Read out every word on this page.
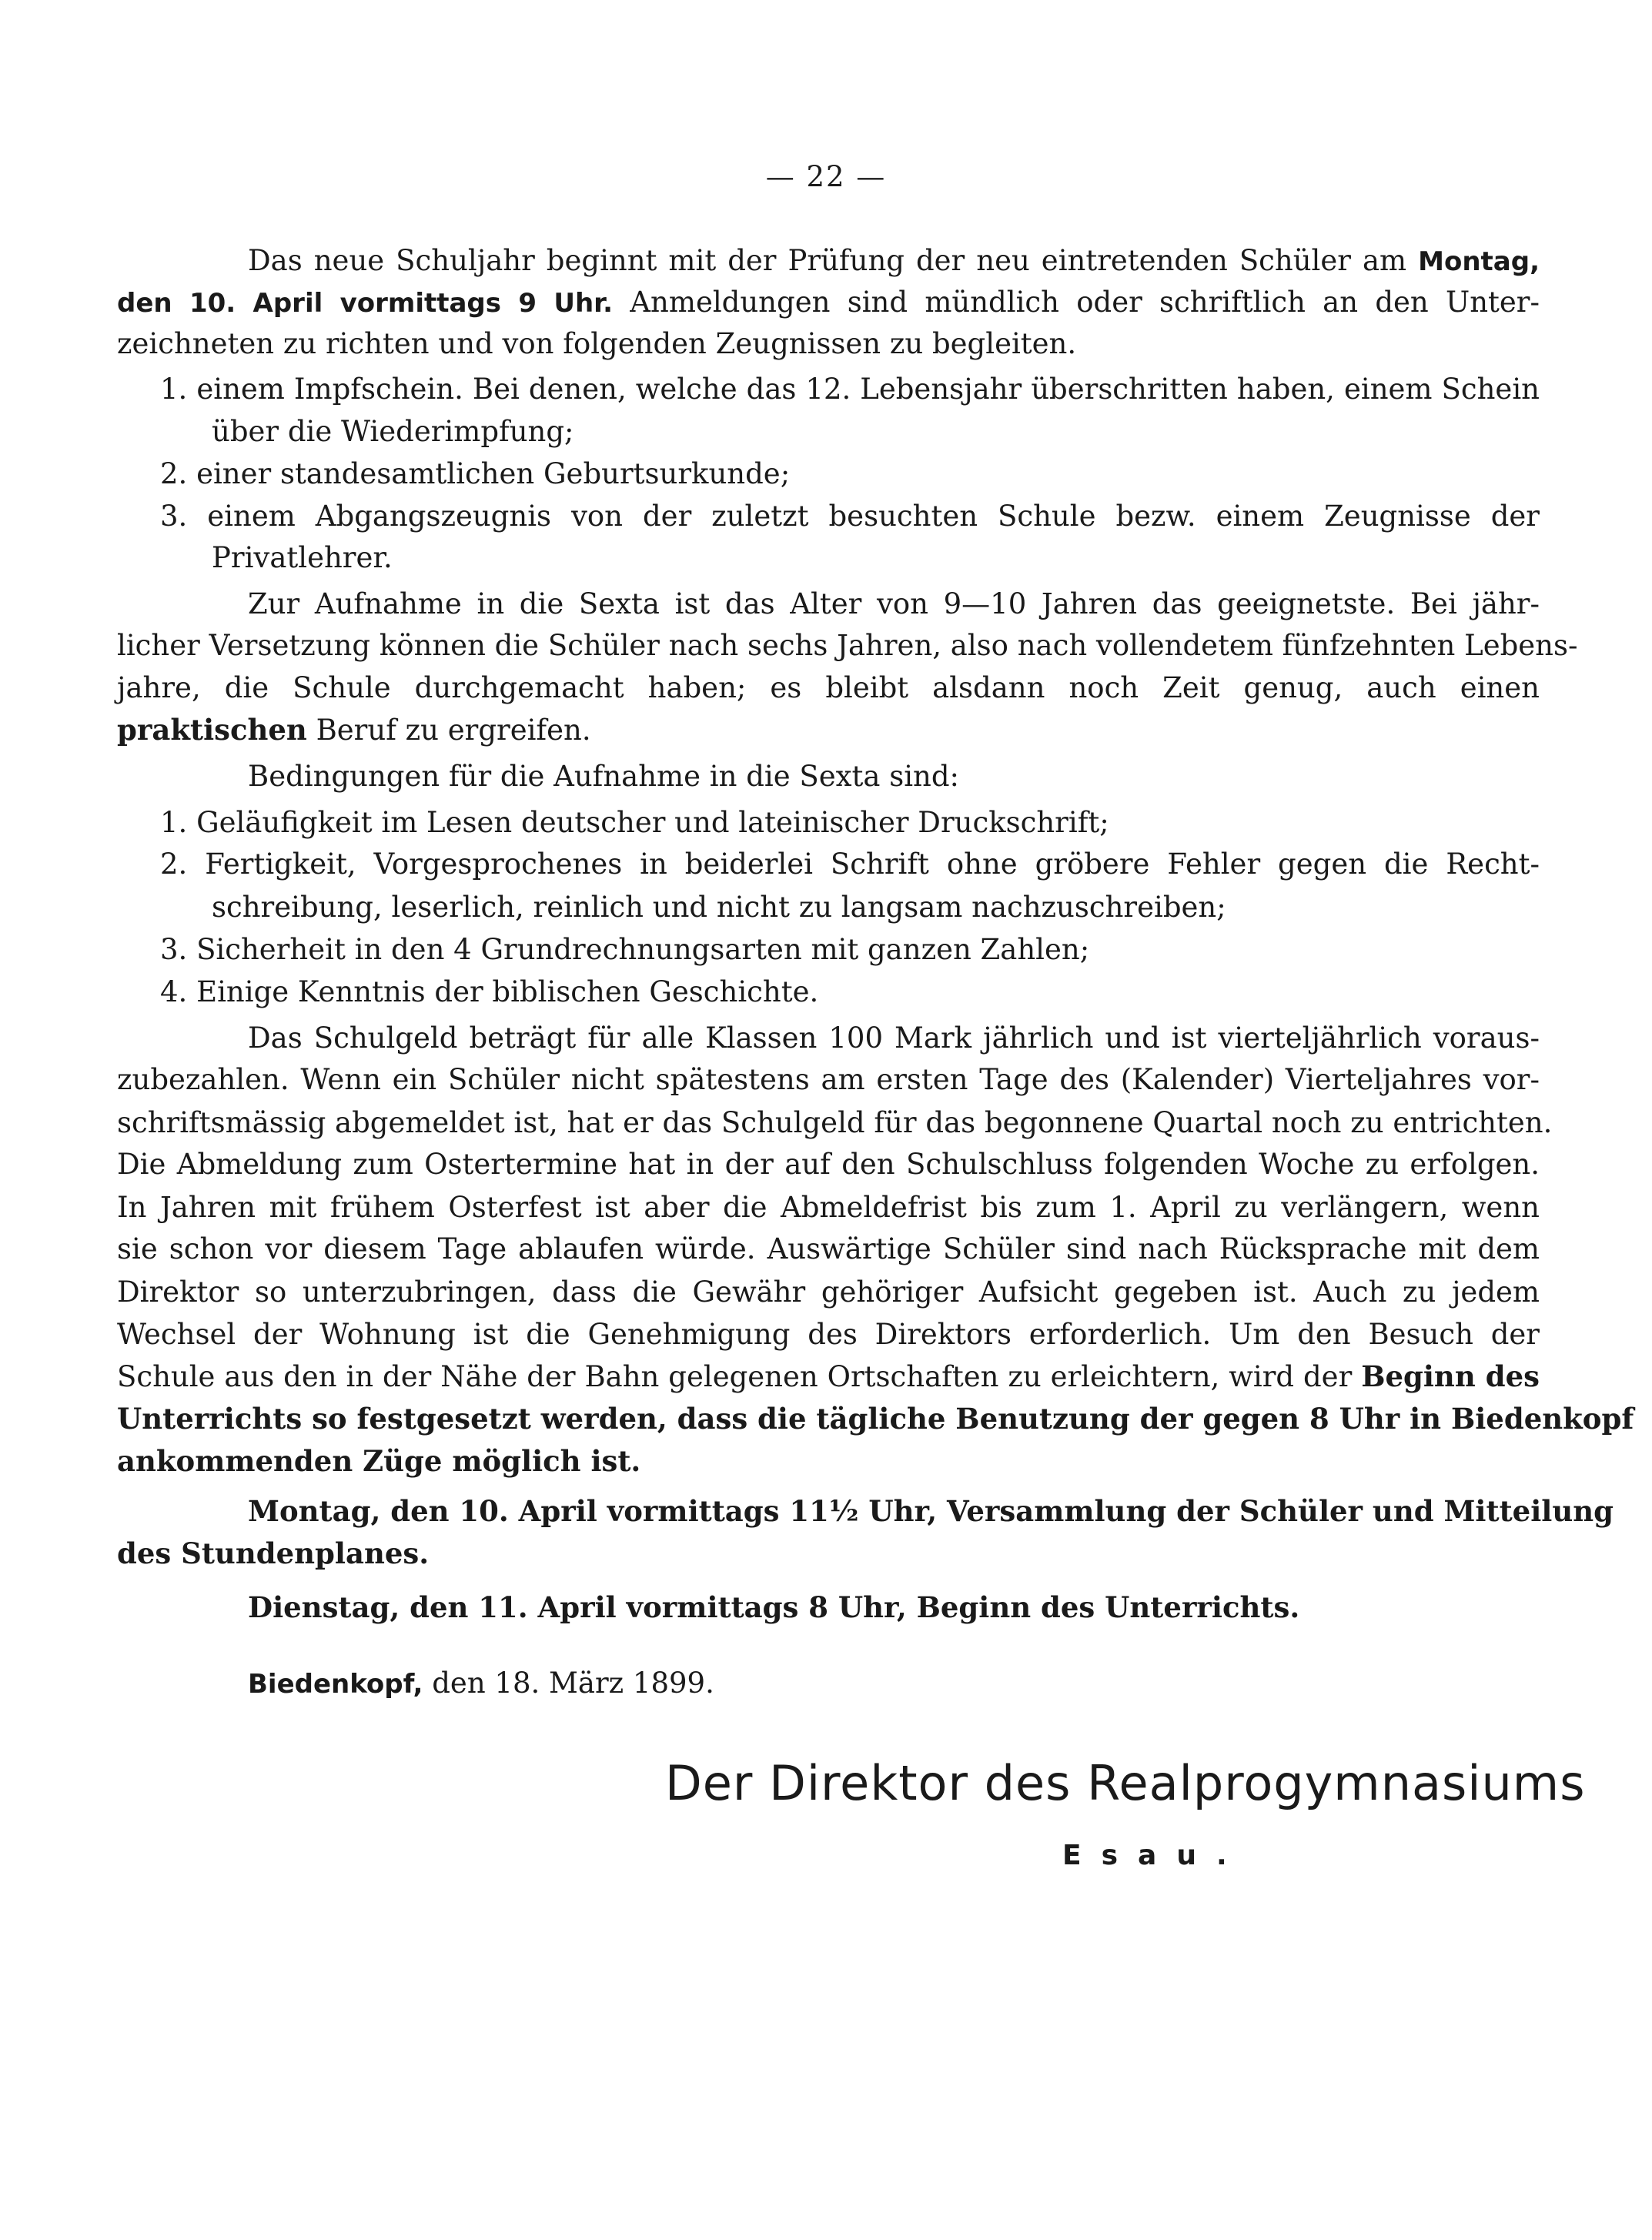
— 22 —
Das neue Schuljahr beginnt mit der Prüfung der neu eintretenden Schüler am Montag,
den 10. April vormittags 9 Uhr. Anmeldungen sind mündlich oder schriftlich an den Unter-
zeichneten zu richten und von folgenden Zeugnissen zu begleiten.
1. einem Impfschein. Bei denen, welche das 12. Lebensjahr überschritten haben, einem Schein
über die Wiederimpfung;
2. einer standesamtlichen Geburtsurkunde;
3. einem Abgangszeugnis von der zuletzt besuchten Schule bezw. einem Zeugnisse der
Privatlehrer.
Zur Aufnahme in die Sexta ist das Alter von 9—10 Jahren das geeignetste. Bei jähr-
licher Versetzung können die Schüler nach sechs Jahren, also nach vollendetem fünfzehnten Lebens-
jahre, die Schule durchgemacht haben; es bleibt alsdann noch Zeit genug, auch einen
praktischen Beruf zu ergreifen.
Bedingungen für die Aufnahme in die Sexta sind:
1. Geläufigkeit im Lesen deutscher und lateinischer Druckschrift;
2. Fertigkeit, Vorgesprochenes in beiderlei Schrift ohne gröbere Fehler gegen die Recht-
schreibung, leserlich, reinlich und nicht zu langsam nachzuschreiben;
3. Sicherheit in den 4 Grundrechnungsarten mit ganzen Zahlen;
4. Einige Kenntnis der biblischen Geschichte.
Das Schulgeld beträgt für alle Klassen 100 Mark jährlich und ist vierteljährlich voraus-
zubezahlen. Wenn ein Schüler nicht spätestens am ersten Tage des (Kalender) Vierteljahres vor-
schriftsmässig abgemeldet ist, hat er das Schulgeld für das begonnene Quartal noch zu entrichten.
Die Abmeldung zum Ostertermine hat in der auf den Schulschluss folgenden Woche zu erfolgen.
In Jahren mit frühem Osterfest ist aber die Abmeldefrist bis zum 1. April zu verlängern, wenn
sie schon vor diesem Tage ablaufen würde. Auswärtige Schüler sind nach Rücksprache mit dem
Direktor so unterzubringen, dass die Gewähr gehöriger Aufsicht gegeben ist. Auch zu jedem
Wechsel der Wohnung ist die Genehmigung des Direktors erforderlich. Um den Besuch der
Schule aus den in der Nähe der Bahn gelegenen Ortschaften zu erleichtern, wird der Beginn des
Unterrichts so festgesetzt werden, dass die tägliche Benutzung der gegen 8 Uhr in Biedenkopf
ankommenden Züge möglich ist.
Montag, den 10. April vormittags 11½ Uhr, Versammlung der Schüler und Mitteilung
des Stundenplanes.
Dienstag, den 11. April vormittags 8 Uhr, Beginn des Unterrichts.
Biedenkopf, den 18. März 1899.
Der Direktor des Realprogymnasiums
Esau.
